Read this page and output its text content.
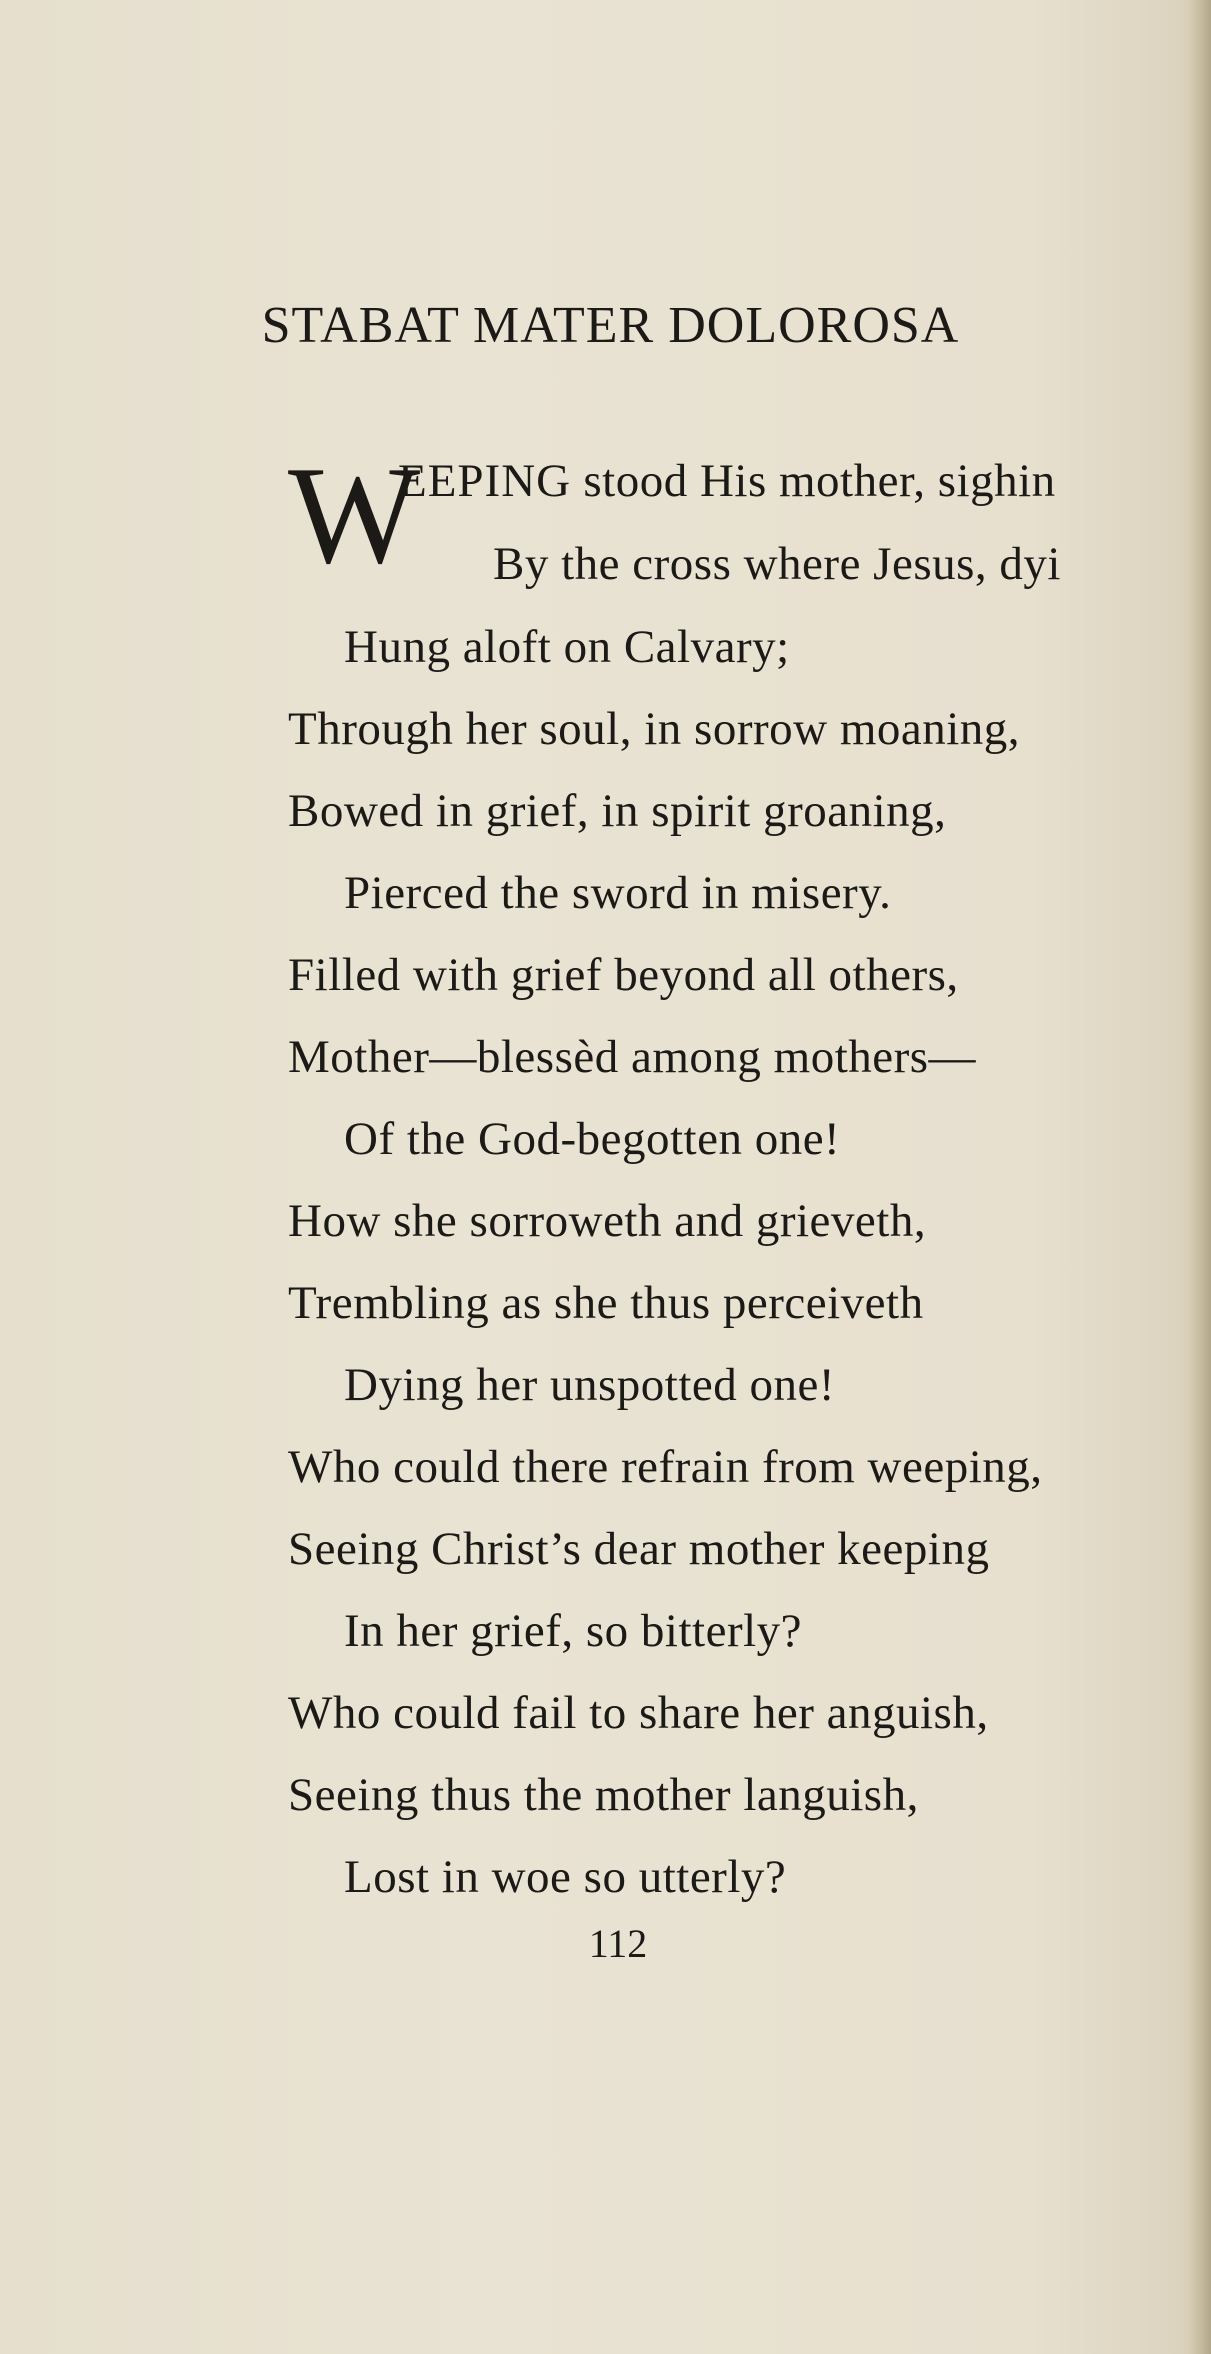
STABAT MATER DOLOROSA
W
EEPING stood His mother, sighin
By the cross where Jesus, dyi
Hung aloft on Calvary;
Through her soul, in sorrow moaning,
Bowed in grief, in spirit groaning,
Pierced the sword in misery.
Filled with grief beyond all others,
Mother—blessèd among mothers—
Of the God-begotten one!
How she sorroweth and grieveth,
Trembling as she thus perceiveth
Dying her unspotted one!
Who could there refrain from weeping,
Seeing Christ’s dear mother keeping
In her grief, so bitterly?
Who could fail to share her anguish,
Seeing thus the mother languish,
Lost in woe so utterly?
112
